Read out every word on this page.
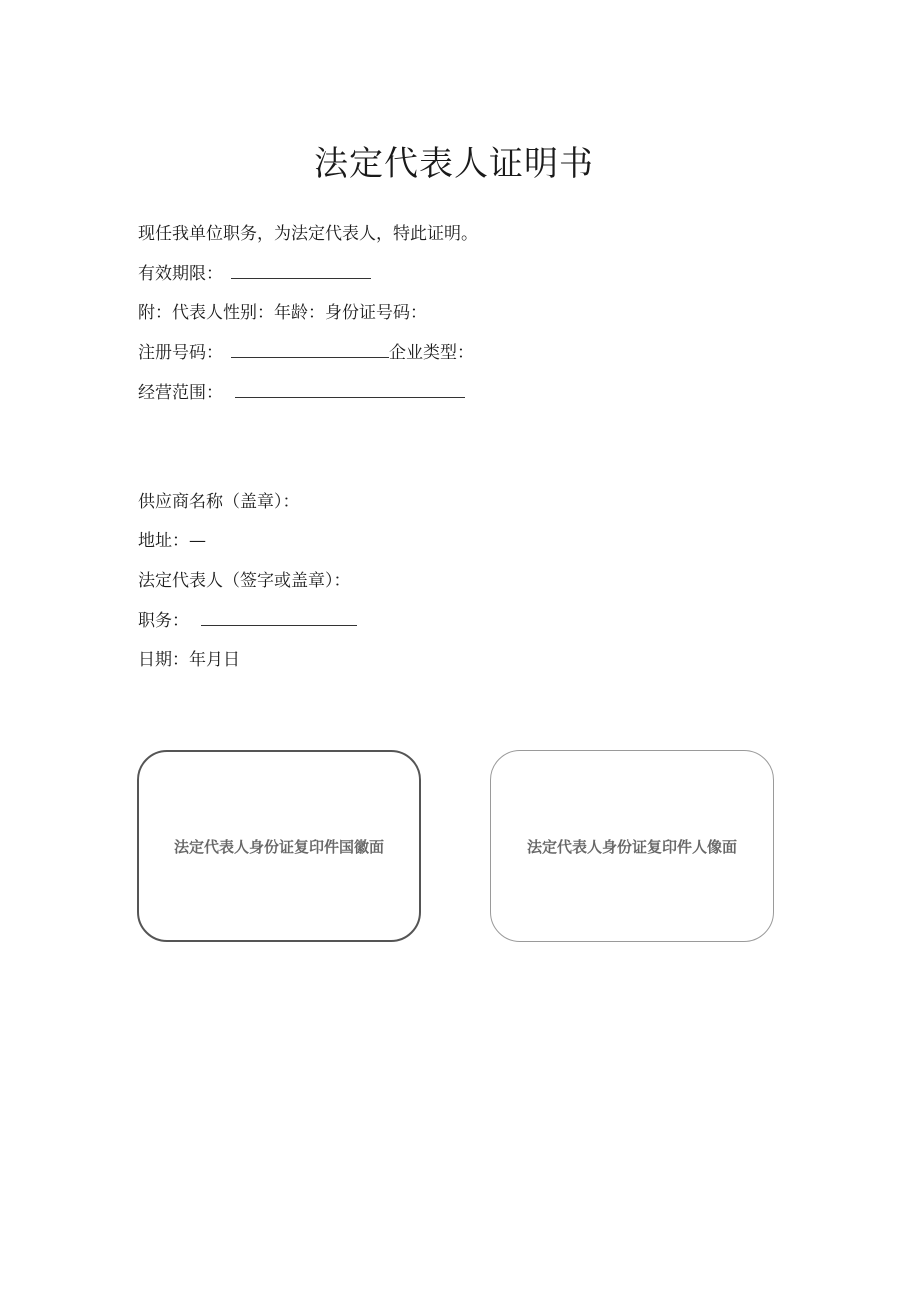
法定代表人证明书
现任我单位职务，为法定代表人，特此证明。
有效期限：
附：代表人性别：年龄：身份证号码：
注册号码：	企业类型：
经营范围：
供应商名称（盖章）：
地址：—
法定代表人（签字或盖章）：
职务：
日期：年月日
法定代表人身份证复印件国徽面	法定代表人身份证复印件人像面
